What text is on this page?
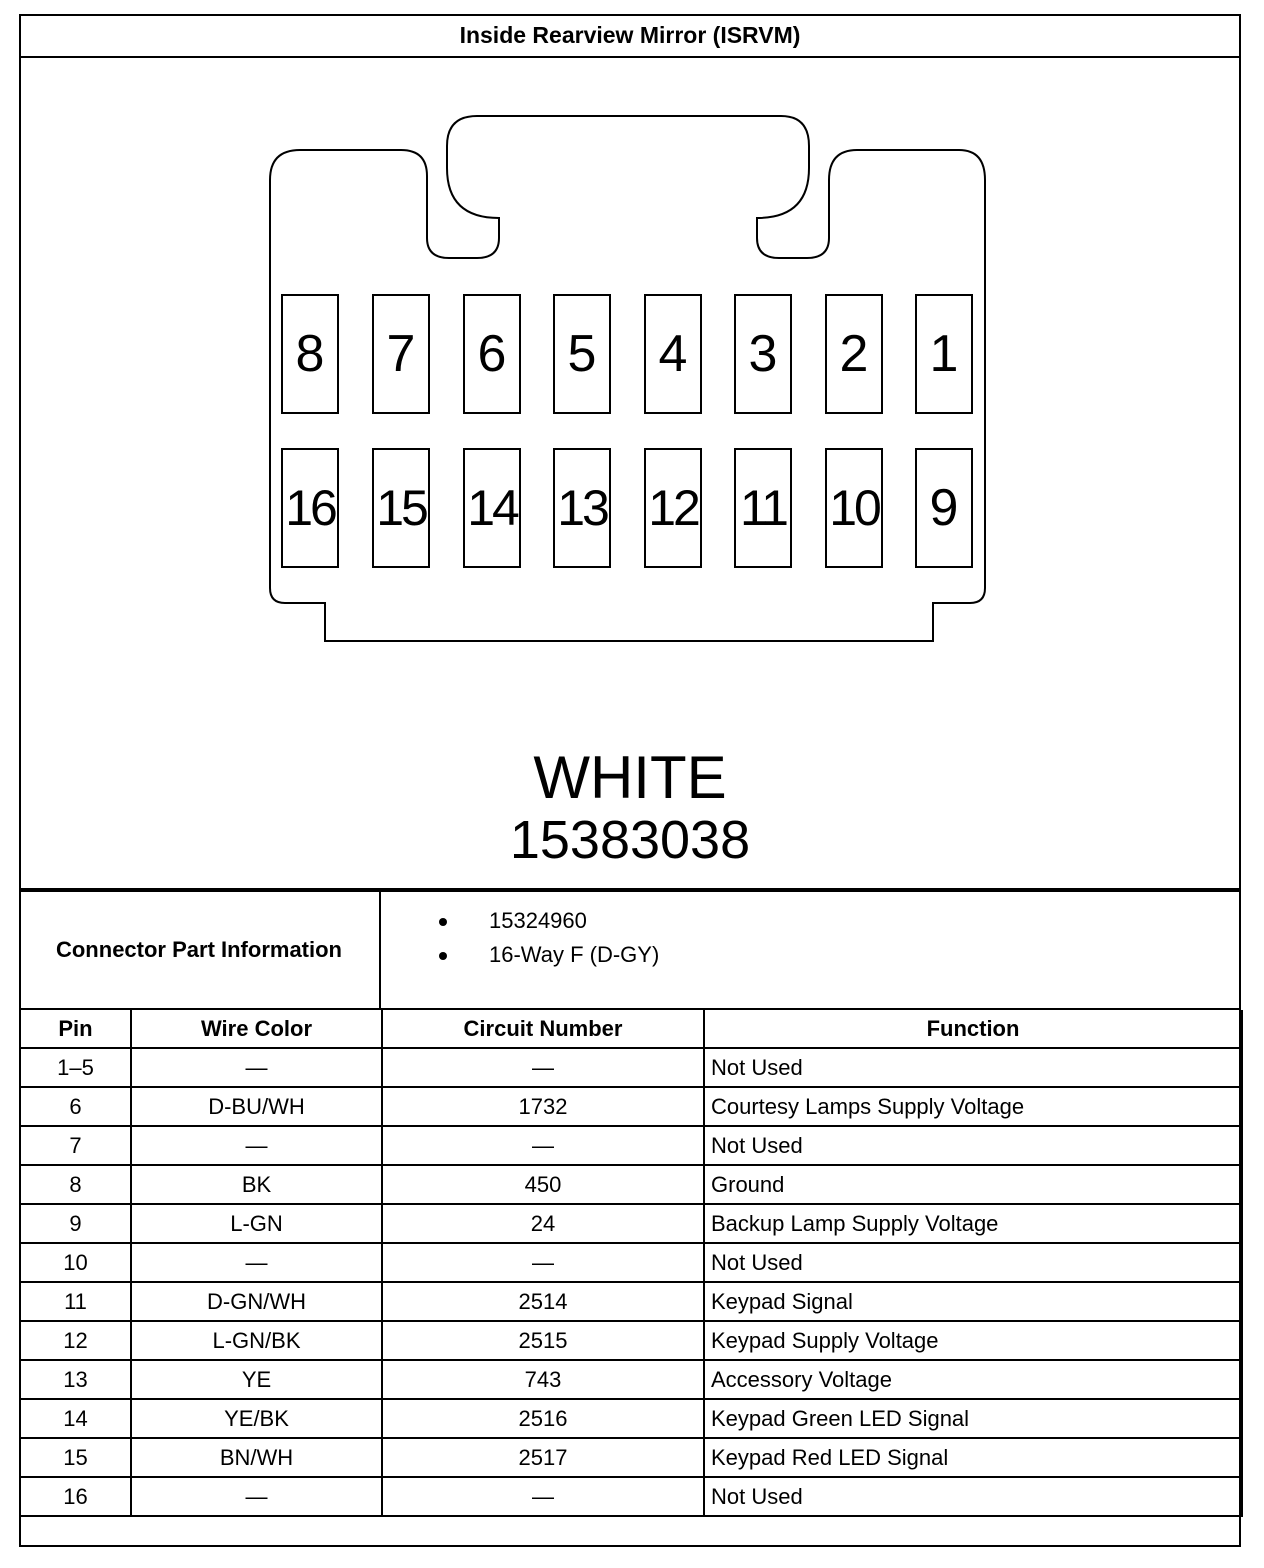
Inside Rearview Mirror (ISRVM)
8 7 6 5 4 3 2 1
16 15 14 13 12 11 10 9
WHITE
15383038
Connector Part Information
15324960
16-Way F (D-GY)
Pin	Wire Color	Circuit Number	Function
1–5	—	—	Not Used
6	D-BU/WH	1732	Courtesy Lamps Supply Voltage
7	—	—	Not Used
8	BK	450	Ground
9	L-GN	24	Backup Lamp Supply Voltage
10	—	—	Not Used
11	D-GN/WH	2514	Keypad Signal
12	L-GN/BK	2515	Keypad Supply Voltage
13	YE	743	Accessory Voltage
14	YE/BK	2516	Keypad Green LED Signal
15	BN/WH	2517	Keypad Red LED Signal
16	—	—	Not Used
